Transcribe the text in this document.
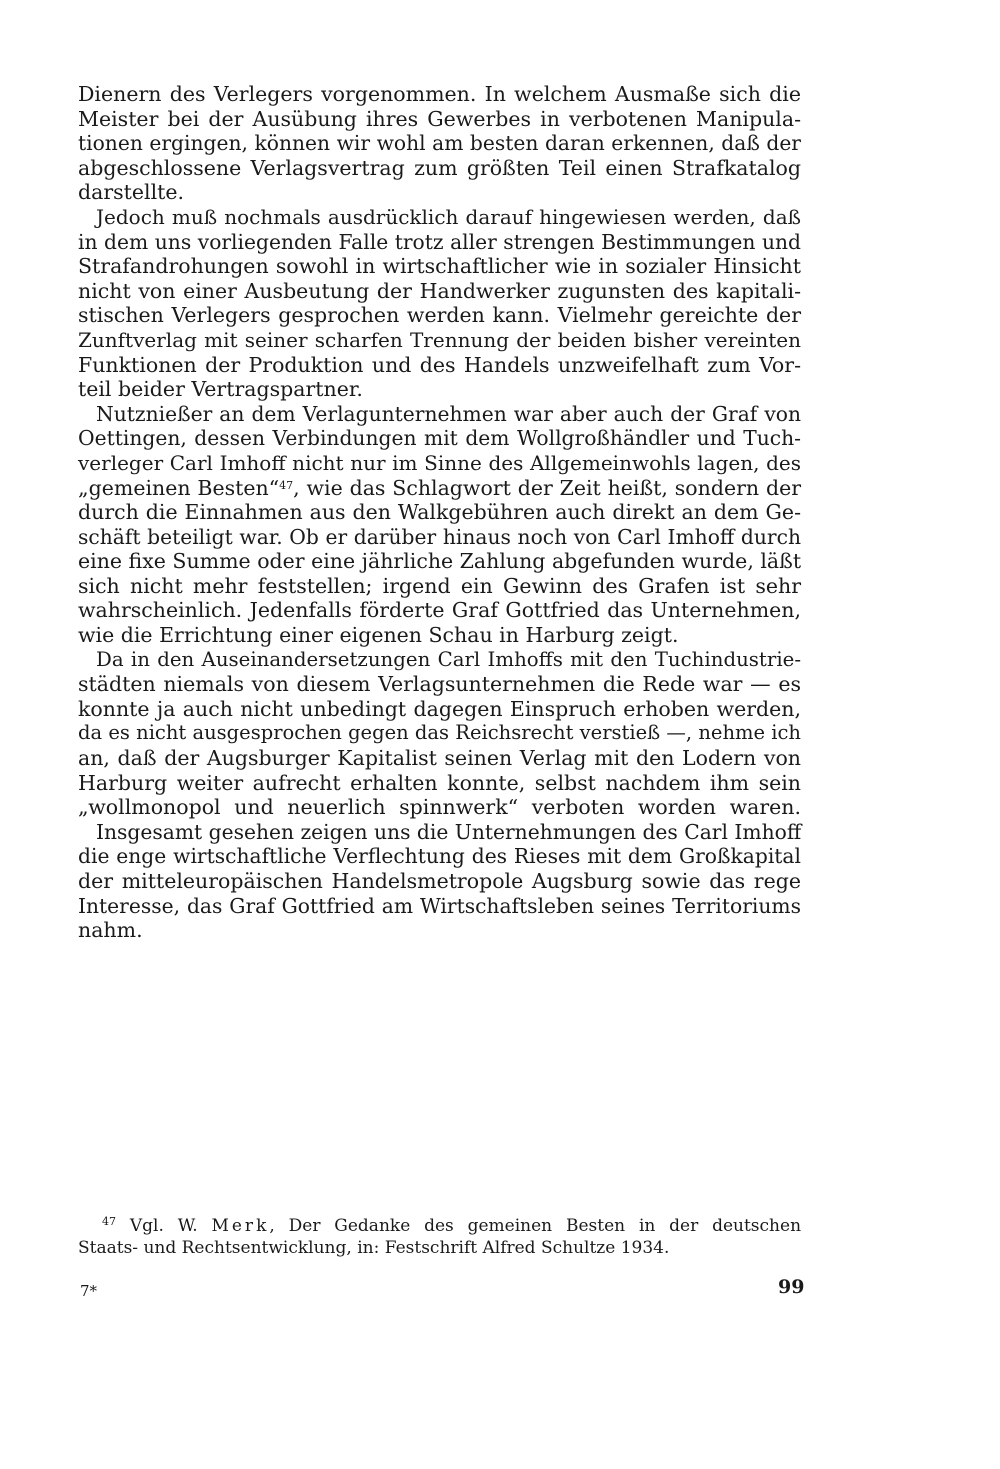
Dienern des Verlegers vorgenommen. In welchem Ausmaße sich die
Meister bei der Ausübung ihres Gewerbes in verbotenen Manipula-
tionen ergingen, können wir wohl am besten daran erkennen, daß der
abgeschlossene Verlagsvertrag zum größten Teil einen Strafkatalog
darstellte.
Jedoch muß nochmals ausdrücklich darauf hingewiesen werden, daß
in dem uns vorliegenden Falle trotz aller strengen Bestimmungen und
Strafandrohungen sowohl in wirtschaftlicher wie in sozialer Hinsicht
nicht von einer Ausbeutung der Handwerker zugunsten des kapitali-
stischen Verlegers gesprochen werden kann. Vielmehr gereichte der
Zunftverlag mit seiner scharfen Trennung der beiden bisher vereinten
Funktionen der Produktion und des Handels unzweifelhaft zum Vor-
teil beider Vertragspartner.
Nutznießer an dem Verlagunternehmen war aber auch der Graf von
Oettingen, dessen Verbindungen mit dem Wollgroßhändler und Tuch-
verleger Carl Imhoff nicht nur im Sinne des Allgemeinwohls lagen, des
„gemeinen Besten“$^{47}$, wie das Schlagwort der Zeit heißt, sondern der
durch die Einnahmen aus den Walkgebühren auch direkt an dem Ge-
schäft beteiligt war. Ob er darüber hinaus noch von Carl Imhoff durch
eine fixe Summe oder eine jährliche Zahlung abgefunden wurde, läßt
sich nicht mehr feststellen; irgend ein Gewinn des Grafen ist sehr
wahrscheinlich. Jedenfalls förderte Graf Gottfried das Unternehmen,
wie die Errichtung einer eigenen Schau in Harburg zeigt.
Da in den Auseinandersetzungen Carl Imhoffs mit den Tuchindustrie-
städten niemals von diesem Verlagsunternehmen die Rede war — es
konnte ja auch nicht unbedingt dagegen Einspruch erhoben werden,
da es nicht ausgesprochen gegen das Reichsrecht verstieß —, nehme ich
an, daß der Augsburger Kapitalist seinen Verlag mit den Lodern von
Harburg weiter aufrecht erhalten konnte, selbst nachdem ihm sein
„wollmonopol und neuerlich spinnwerk“ verboten worden waren.
Insgesamt gesehen zeigen uns die Unternehmungen des Carl Imhoff
die enge wirtschaftliche Verflechtung des Rieses mit dem Großkapital
der mitteleuropäischen Handelsmetropole Augsburg sowie das rege
Interesse, das Graf Gottfried am Wirtschaftsleben seines Territoriums
nahm.
$^{47}$ Vgl. W. Merk, Der Gedanke des gemeinen Besten in der deutschen
Staats- und Rechtsentwicklung, in: Festschrift Alfred Schultze 1934.
7*	99
